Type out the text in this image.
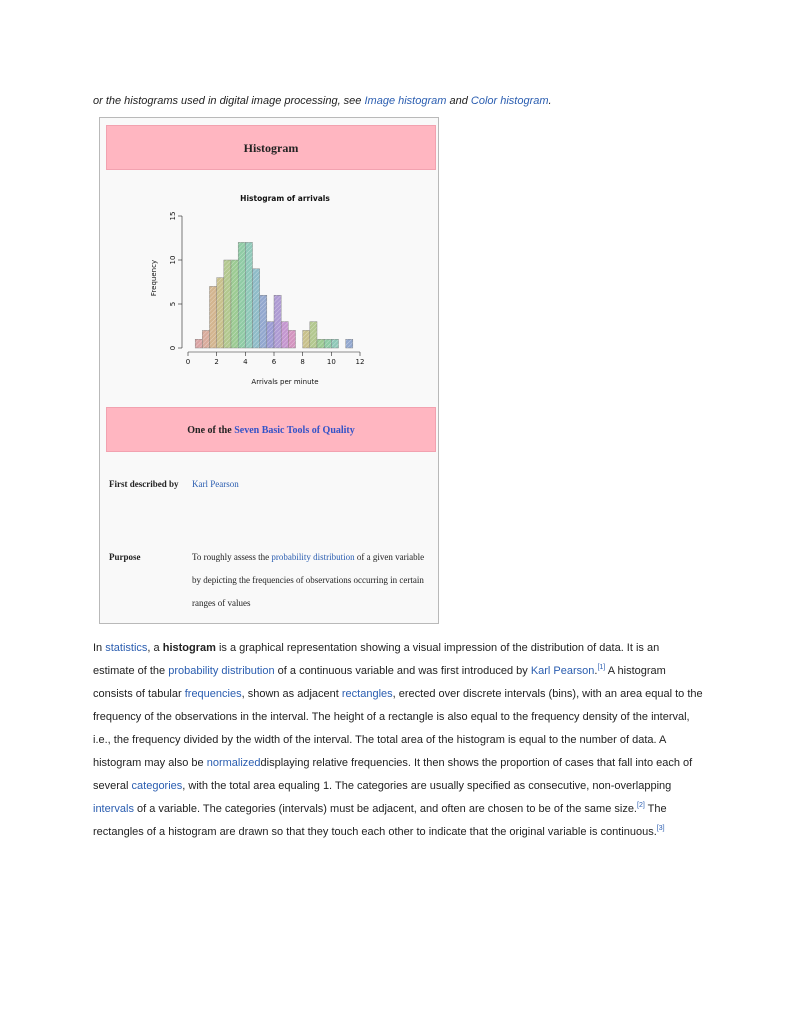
or the histograms used in digital image processing, see Image histogram and Color histogram.
Histogram
Histogram of arrivals
Frequency
Arrivals per minute
0	2	4	6	8	10	12
0
5
10
15
One of the Seven Basic Tools of Quality
First described by Karl Pearson
Purpose	To roughly assess the probability distribution of a given variable by depicting the frequencies of observations occurring in certain ranges of values
In statistics, a histogram is a graphical representation showing a visual impression of the distribution of data. It is an estimate of the probability distribution of a continuous variable and was first introduced by Karl Pearson.[1] A histogram consists of tabular frequencies, shown as adjacent rectangles, erected over discrete intervals (bins), with an area equal to the frequency of the observations in the interval. The height of a rectangle is also equal to the frequency density of the interval, i.e., the frequency divided by the width of the interval. The total area of the histogram is equal to the number of data. A histogram may also be normalizeddisplaying relative frequencies. It then shows the proportion of cases that fall into each of several categories, with the total area equaling 1. The categories are usually specified as consecutive, non-overlapping intervals of a variable. The categories (intervals) must be adjacent, and often are chosen to be of the same size.[2] The rectangles of a histogram are drawn so that they touch each other to indicate that the original variable is continuous.[3]
